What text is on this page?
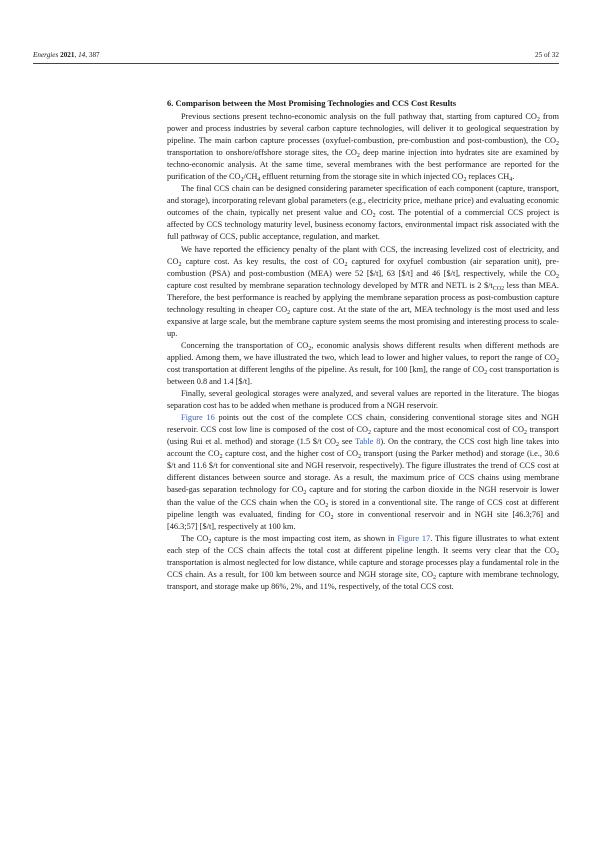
Energies 2021, 14, 387	25 of 32
6. Comparison between the Most Promising Technologies and CCS Cost Results

Previous sections present techno-economic analysis on the full pathway that, starting from captured $CO_2$ from power and process industries by several carbon capture technologies, will deliver it to geological sequestration by pipeline. The main carbon capture processes (oxyfuel-combustion, pre-combustion and post-combustion), the $CO_2$ transportation to onshore/offshore storage sites, the $CO_2$ deep marine injection into hydrates site are examined by techno-economic analysis. At the same time, several membranes with the best performance are reported for the purification of the $CO_2/CH_4$ effluent returning from the storage site in which injected $CO_2$ replaces $CH_4$.

The final CCS chain can be designed considering parameter specification of each component (capture, transport, and storage), incorporating relevant global parameters (e.g., electricity price, methane price) and evaluating economic outcomes of the chain, typically net present value and $CO_2$ cost. The potential of a commercial CCS project is affected by CCS technology maturity level, business economy factors, environmental impact risk associated with the full pathway of CCS, public acceptance, regulation, and market.

We have reported the efficiency penalty of the plant with CCS, the increasing levelized cost of electricity, and $CO_2$ capture cost. As key results, the cost of $CO_2$ captured for oxyfuel combustion (air separation unit), pre-combustion (PSA) and post-combustion (MEA) were 52 [$/t], 63 [$/t] and 46 [$/t], respectively, while the $CO_2$ capture cost resulted by membrane separation technology developed by MTR and NETL is 2 $\$/t_{CO2}$ less than MEA. Therefore, the best performance is reached by applying the membrane separation process as post-combustion capture technology resulting in cheaper $CO_2$ capture cost. At the state of the art, MEA technology is the most used and less expansive at large scale, but the membrane capture system seems the most promising and interesting process to scale-up.

Concerning the transportation of $CO_2$, economic analysis shows different results when different methods are applied. Among them, we have illustrated the two, which lead to lower and higher values, to report the range of $CO_2$ cost transportation at different lengths of the pipeline. As result, for 100 [km], the range of $CO_2$ cost transportation is between 0.8 and 1.4 [$/t].

Finally, several geological storages were analyzed, and several values are reported in the literature. The biogas separation cost has to be added when methane is produced from a NGH reservoir.

Figure 16 points out the cost of the complete CCS chain, considering conventional storage sites and NGH reservoir. CCS cost low line is composed of the cost of $CO_2$ capture and the most economical cost of $CO_2$ transport (using Rui et al. method) and storage (1.5 $/t $CO_2$ see Table 8). On the contrary, the CCS cost high line takes into account the $CO_2$ capture cost, and the higher cost of $CO_2$ transport (using the Parker method) and storage (i.e., 30.6 $/t and 11.6 $/t for conventional site and NGH reservoir, respectively). The figure illustrates the trend of CCS cost at different distances between source and storage. As a result, the maximum price of CCS chains using membrane based-gas separation technology for $CO_2$ capture and for storing the carbon dioxide in the NGH reservoir is lower than the value of the CCS chain when the $CO_2$ is stored in a conventional site. The range of CCS cost at different pipeline length was evaluated, finding for $CO_2$ store in conventional reservoir and in NGH site [46.3;76] and [46.3;57] [$/t], respectively at 100 km.

The $CO_2$ capture is the most impacting cost item, as shown in Figure 17. This figure illustrates to what extent each step of the CCS chain affects the total cost at different pipeline length. It seems very clear that the $CO_2$ transportation is almost neglected for low distance, while capture and storage processes play a fundamental role in the CCS chain. As a result, for 100 km between source and NGH storage site, $CO_2$ capture with membrane technology, transport, and storage make up 86%, 2%, and 11%, respectively, of the total CCS cost.
